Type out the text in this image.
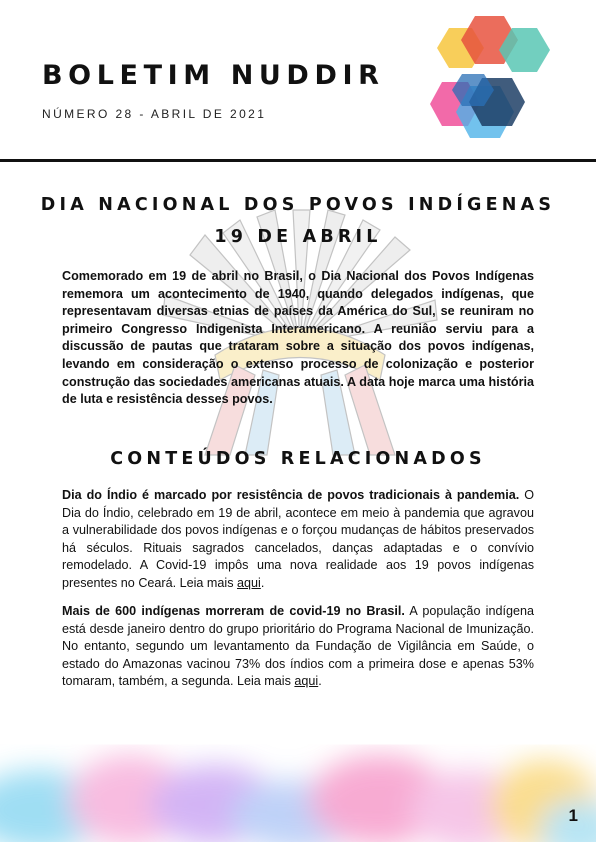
BOLETIM NUDDIR
NÚMERO 28 - ABRIL DE 2021
DIA NACIONAL DOS POVOS INDÍGENAS
19 DE ABRIL
Comemorado em 19 de abril no Brasil, o Dia Nacional dos Povos Indígenas rememora um acontecimento de 1940, quando delegados indígenas, que representavam diversas etnias de países da América do Sul, se reuniram no primeiro Congresso Indigenista Interamericano. A reuniâo serviu para a discussão de pautas que trataram sobre a situação dos povos indígenas, levando em consideração o extenso processo de colonização e posterior construção das sociedades americanas atuais. A data hoje marca uma história de luta e resistência desses povos.
CONTEÚDOS RELACIONADOS
Dia do Índio é marcado por resistência de povos tradicionais à pandemia. O Dia do Índio, celebrado em 19 de abril, acontece em meio à pandemia que agravou a vulnerabilidade dos povos indígenas e o forçou mudanças de hábitos preservados há séculos. Rituais sagrados cancelados, danças adaptadas e o convívio remodelado. A Covid-19 impôs uma nova realidade aos 19 povos indígenas presentes no Ceará. Leia mais aqui.
Mais de 600 indígenas morreram de covid-19 no Brasil. A população indígena está desde janeiro dentro do grupo prioritário do Programa Nacional de Imunização. No entanto, segundo um levantamento da Fundação de Vigilância em Saúde, o estado do Amazonas vacinou 73% dos índios com a primeira dose e apenas 53% tomaram, também, a segunda. Leia mais aqui.
1
